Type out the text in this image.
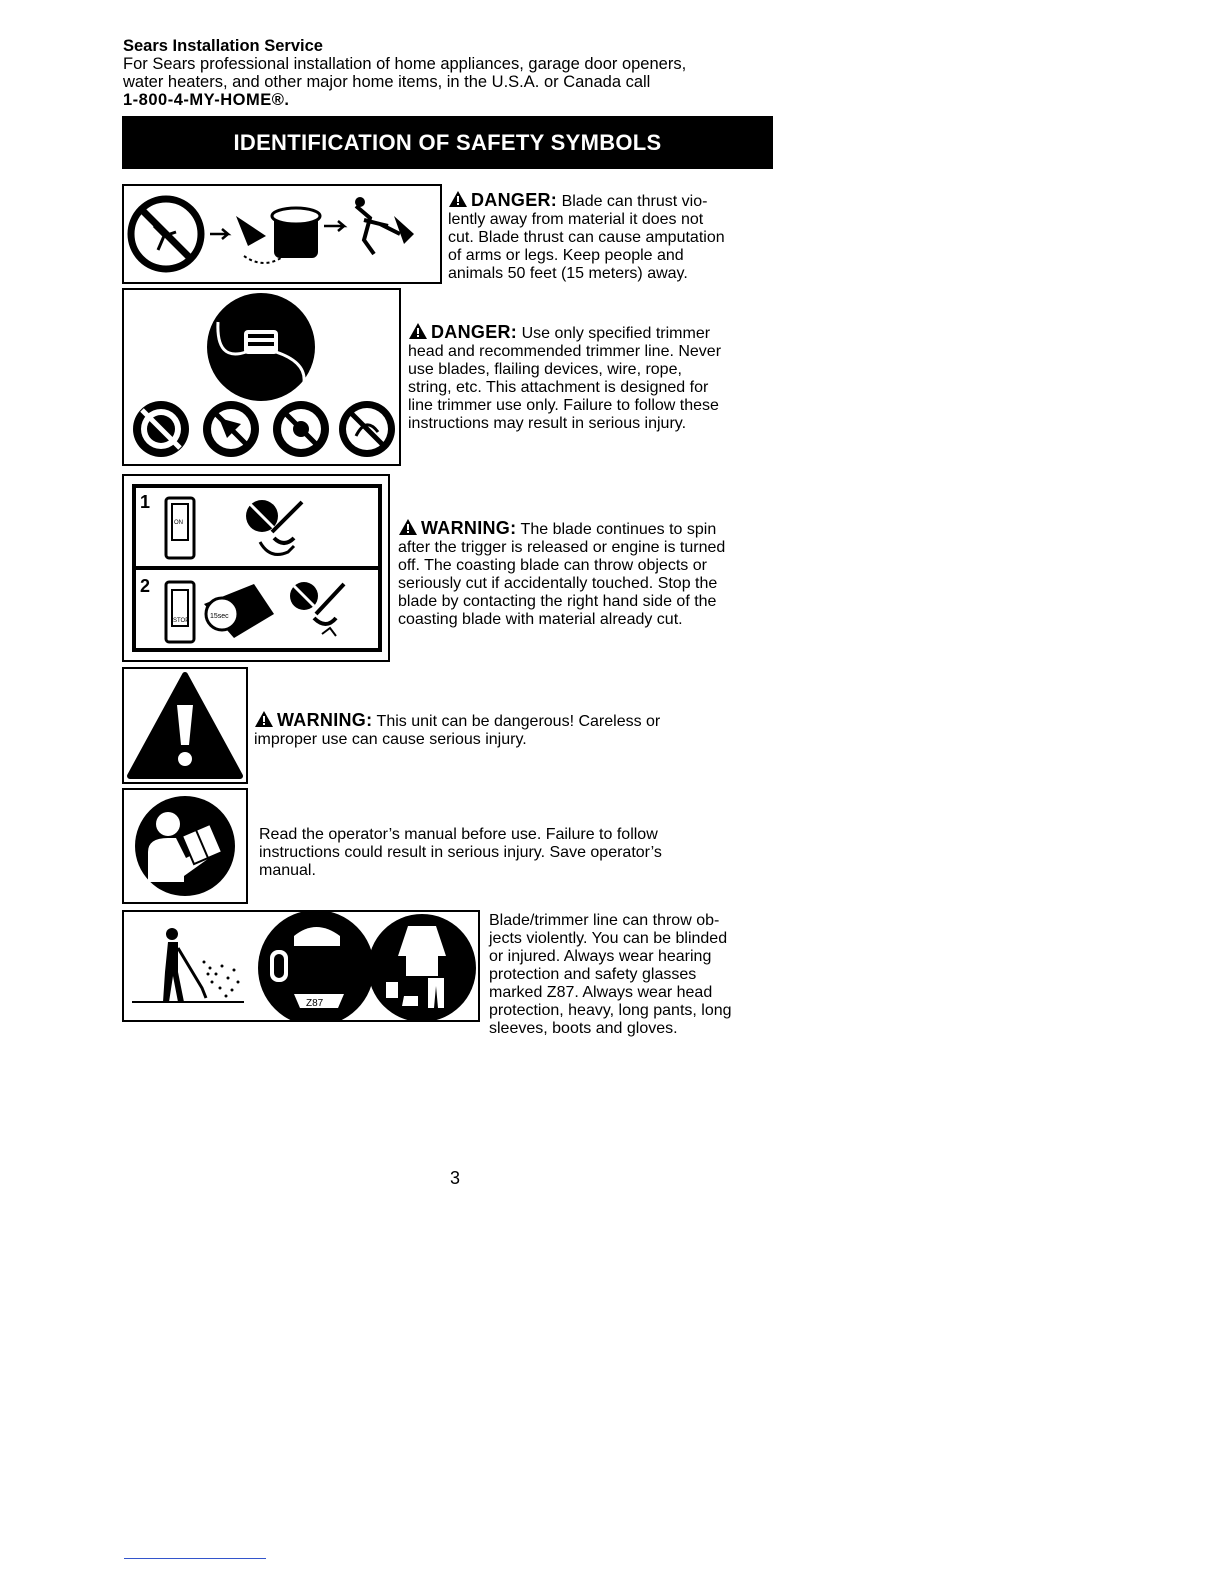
Sears Installation Service
For Sears professional installation of home appliances, garage door openers,
water heaters, and other major home items, in the U.S.A. or Canada call
1-800-4-MY-HOME®.
IDENTIFICATION OF SAFETY SYMBOLS
DANGER: Blade can thrust vio-
lently away from material it does not
cut. Blade thrust can cause amputation
of arms or legs. Keep people and
animals 50 feet (15 meters) away.
DANGER: Use only specified trimmer
head and recommended trimmer line. Never
use blades, flailing devices, wire, rope,
string, etc. This attachment is designed for
line trimmer use only. Failure to follow these
instructions may result in serious injury.
1
2
ON
STOP
15sec
WARNING: The blade continues to spin
after the trigger is released or engine is turned
off. The coasting blade can throw objects or
seriously cut if accidentally touched. Stop the
blade by contacting the right hand side of the
coasting blade with material already cut.
WARNING: This unit can be dangerous! Careless or
improper use can cause serious injury.
Read the operator’s manual before use. Failure to follow
instructions could result in serious injury. Save operator’s
manual.
Z87
Blade/trimmer line can throw ob-
jects violently. You can be blinded
or injured. Always wear hearing
protection and safety glasses
marked Z87. Always wear head
protection, heavy, long pants, long
sleeves, boots and gloves.
3
